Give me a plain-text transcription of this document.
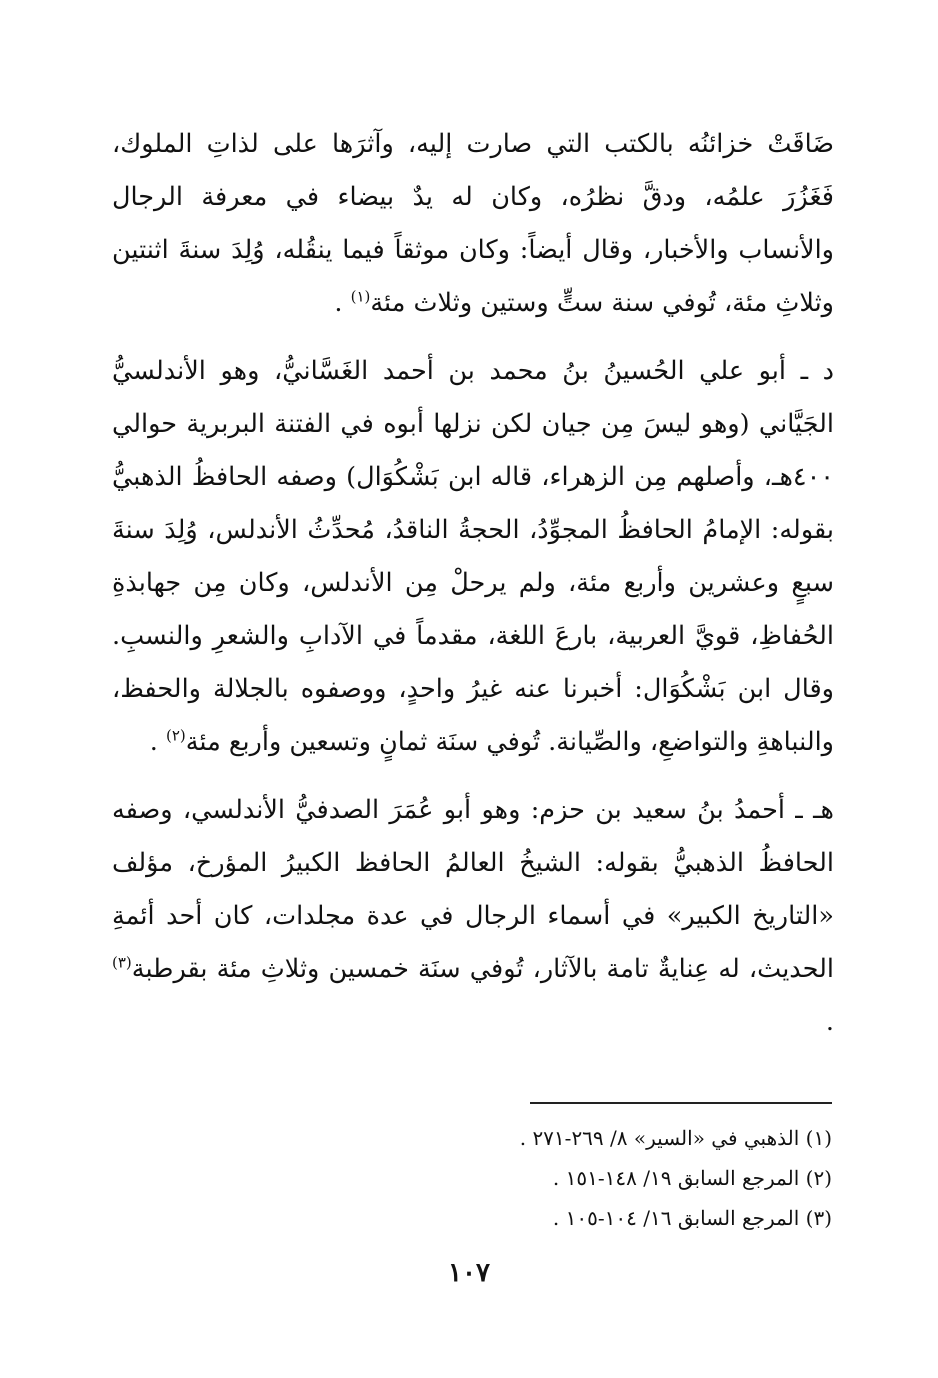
ضَاقَتْ خزائنُه بالكتب التي صارت إليه، وآثرَها على لذاتِ الملوك، فَغَزُرَ علمُه، ودقَّ نظرُه، وكان له يدٌ بيضاء في معرفة الرجال والأنساب والأخبار، وقال أيضاً: وكان موثقاً فيما ينقُله، وُلِدَ سنةَ اثنتين وثلاثِ مئة، تُوفي سنة ستٍّ وستين وثلاث مئة$^{(١)}$ .

د ـ أبو علي الحُسينُ بنُ محمد بن أحمد الغَسَّانيُّ، وهو الأندلسيُّ الجَيَّاني (وهو ليسَ مِن جيان لكن نزلها أبوه في الفتنة البربرية حوالي ٤٠٠هـ، وأصلهم مِن الزهراء، قاله ابن بَشْكُوَال) وصفه الحافظُ الذهبيُّ بقوله: الإمامُ الحافظُ المجوِّدُ، الحجةُ الناقدُ، مُحدِّثُ الأندلس، وُلِدَ سنةَ سبعٍ وعشرين وأربع مئة، ولم يرحلْ مِن الأندلس، وكان مِن جهابذةِ الحُفاظِ، قويَّ العربية، بارعَ اللغة، مقدماً في الآدابِ والشعرِ والنسبِ. وقال ابن بَشْكُوَال: أخبرنا عنه غيرُ واحدٍ، ووصفوه بالجلالة والحفظ، والنباهةِ والتواضعِ، والصِّيانة. تُوفي سنَة ثمانٍ وتسعين وأربع مئة$^{(٢)}$ .

هـ ـ أحمدُ بنُ سعيد بن حزم: وهو أبو عُمَرَ الصدفيُّ الأندلسي، وصفه الحافظُ الذهبيُّ بقوله: الشيخُ العالمُ الحافظ الكبيرُ المؤرخ، مؤلف «التاريخ الكبير» في أسماء الرجال في عدة مجلدات، كان أحد أئمةِ الحديث، له عِنايةٌ تامة بالآثار، تُوفي سنَة خمسين وثلاثِ مئة بقرطبة$^{(٣)}$ .

(١) الذهبي في «السير» ٨/ ٢٦٩-٢٧١ .

(٢) المرجع السابق ١٩/ ١٤٨-١٥١ .

(٣) المرجع السابق ١٦/ ١٠٤-١٠٥ .

١٠٧
